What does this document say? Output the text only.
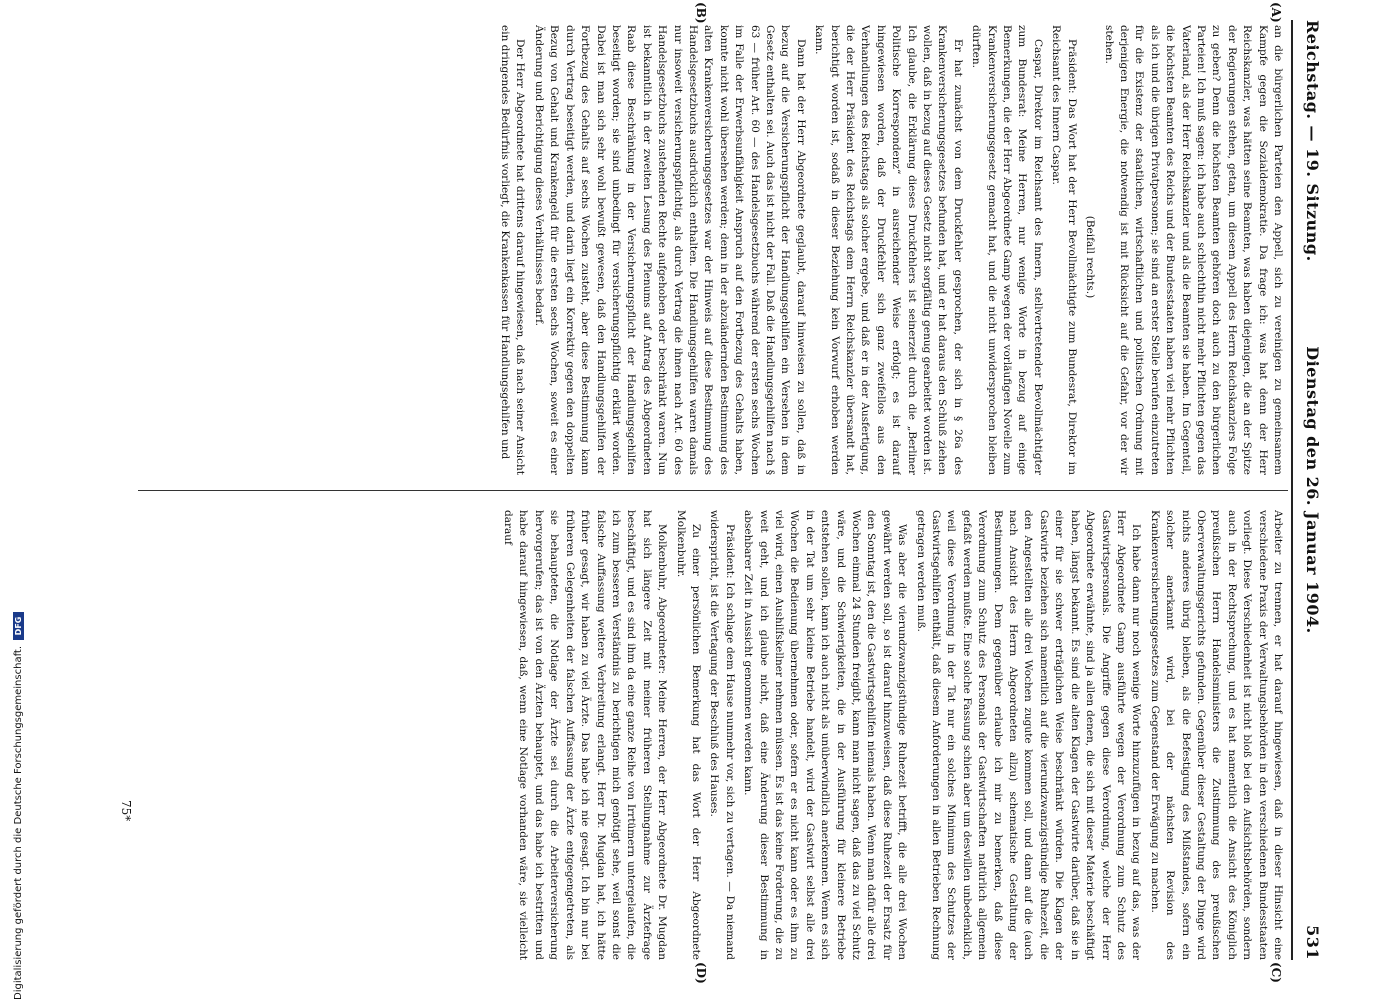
Reichstag. — 19. Sitzung.
Dienstag den 26. Januar 1904.
531
(A)
(B)
(C)
(D)

an die bürgerlichen Parteien den Appell, sich zu vereinigen zu gemeinsamem Kampfe gegen die Sozialdemokratie. Da frage ich: was hat denn der Herr Reichskanzler, was hätten seine Beamten, was haben diejenigen, die an der Spitze der Regierungen stehen, getan, um diesem Appell des Herrn Reichskanzlers Folge zu geben? Denn die höchsten Beamten gehören doch auch zu den bürgerlichen Parteien! Ich muß sagen: ich habe auch schlechthin nicht mehr Pflichten gegen das Vaterland, als der Herr Reichskanzler und als die Beamten sie haben. Im Gegenteil, die höchsten Beamten des Reichs und der Bundesstaaten haben viel mehr Pflichten als ich und die übrigen Privatpersonen; sie sind an erster Stelle berufen einzutreten für die Existenz der staatlichen, wirtschaftlichen und politischen Ordnung mit derjenigen Energie, die notwendig ist mit Rücksicht auf die Gefahr, vor der wir stehen.

(Beifall rechts.)

Präsident: Das Wort hat der Herr Bevollmächtigte zum Bundesrat, Direktor im Reichsamt des Innern Caspar.

Caspar, Direktor im Reichsamt des Innern, stellvertretender Bevollmächtigter zum Bundesrat: Meine Herren, nur wenige Worte in bezug auf einige Bemerkungen, die der Herr Abgeordnete Gamp wegen der vorläufigen Novelle zum Krankenversicherungsgesetz gemacht hat, und die nicht unwidersprochen bleiben dürften.

Er hat zunächst von dem Druckfehler gesprochen, der sich in § 26a des Krankenversicherungsgesetzes befunden hat, und er hat daraus den Schluß ziehen wollen, daß in bezug auf dieses Gesetz nicht sorgfältig genug gearbeitet worden ist. Ich glaube, die Erklärung dieses Druckfehlers ist seinerzeit durch die „Berliner Politische Korrespondenz“ in ausreichender Weise erfolgt; es ist darauf hingewiesen worden, daß der Druckfehler sich ganz zweifellos aus den Verhandlungen des Reichstags als solcher ergebe, und daß er in der Ausfertigung, die der Herr Präsident des Reichstags dem Herrn Reichskanzler übersandt hat, berichtigt worden ist, sodaß in dieser Beziehung kein Vorwurf erhoben werden kann.

Dann hat der Herr Abgeordnete geglaubt, darauf hinweisen zu sollen, daß in bezug auf die Versicherungspflicht der Handlungsgehilfen ein Versehen in dem Gesetz enthalten sei. Auch das ist nicht der Fall. Daß die Handlungsgehilfen nach § 63 — früher Art. 60 — des Handelsgesetzbuchs während der ersten sechs Wochen im Falle der Erwerbsunfähigkeit Anspruch auf den Fortbezug des Gehalts haben, konnte nicht wohl übersehen werden; denn in der abzuändernden Bestimmung des alten Krankenversicherungsgesetzes war der Hinweis auf diese Bestimmung des Handelsgesetzbuchs ausdrücklich enthalten. Die Handlungsgehilfen waren damals nur insoweit versicherungspflichtig, als durch Vertrag die ihnen nach Art. 60 des Handelsgesetzbuchs zustehenden Rechte aufgehoben oder beschränkt waren. Nun ist bekanntlich in der zweiten Lesung des Plenums auf Antrag des Abgeordneten Raab diese Beschränkung in der Versicherungspflicht der Handlungsgehilfen beseitigt worden; sie sind unbedingt für versicherungspflichtig erklärt worden. Dabei ist man sich sehr wohl bewußt gewesen, daß den Handlungsgehilfen der Fortbezug des Gehalts auf sechs Wochen zusteht, aber diese Bestimmung kann durch Vertrag beseitigt werden, und darin liegt ein Korrektiv gegen den doppelten Bezug von Gehalt und Krankengeld für die ersten sechs Wochen, soweit es einer Änderung und Berichtigung dieses Verhältnisses bedarf.

Der Herr Abgeordnete hat drittens darauf hingewiesen, daß nach seiner Ansicht ein dringendes Bedürfnis vorliegt, die Krankenkassen für Handlungsgehilfen und

Arbeiter zu trennen, er hat darauf hingewiesen, daß in dieser Hinsicht eine verschiedene Praxis der Verwaltungsbehörden in den verschiedenen Bundesstaaten vorliegt. Diese Verschiedenheit ist nicht bloß bei den Aufsichtsbehörden, sondern auch in der Rechtsprechung, und es hat namentlich die Ansicht des Königlich preußischen Herrn Handelsministers die Zustimmung des preußischen Oberverwaltungsgerichts gefunden. Gegenüber dieser Gestaltung der Dinge wird nichts anderes übrig bleiben, als die Befestigung des Mißstandes, sofern ein solcher anerkannt wird, bei der nächsten Revision des Krankenversicherungsgesetzes zum Gegenstand der Erwägung zu machen.

Ich habe dann nur noch wenige Worte hinzuzufügen in bezug auf das, was der Herr Abgeordnete Gamp ausführte wegen der Verordnung zum Schutz des Gastwirtspersonals. Die Angriffe gegen diese Verordnung, welche der Herr Abgeordnete erwähnte, sind ja allen denen, die sich mit dieser Materie beschäftigt haben, längst bekannt. Es sind die alten Klagen der Gastwirte darüber, daß sie in einer für sie schwer erträglichen Weise beschränkt würden. Die Klagen der Gastwirte beziehen sich namentlich auf die vierundzwanzigstündige Ruhezeit, die den Angestellten alle drei Wochen zugute kommen soll, und dann auf die (auch nach Ansicht des Herrn Abgeordneten allzu) schematische Gestaltung der Bestimmungen. Dem gegenüber erlaube ich mir zu bemerken, daß diese Verordnung zum Schutz des Personals der Gastwirtschaften natürlich allgemein gefaßt werden mußte. Eine solche Fassung schien aber um deswillen unbedenklich, weil diese Verordnung in der Tat nur ein solches Minimum des Schutzes der Gastwirtsgehilfen enthält, daß diesem Anforderungen in allen Betrieben Rechnung getragen werden muß.

Was aber die vierundzwanzigstündige Ruhezeit betrifft, die alle drei Wochen gewährt werden soll, so ist darauf hinzuweisen, daß diese Ruhezeit der Ersatz für den Sonntag ist, den die Gastwirtsgehilfen niemals haben. Wenn man dafür alle drei Wochen einmal 24 Stunden freigibt, kann man nicht sagen, daß das zu viel Schutz wäre, und die Schwierigkeiten, die in der Ausführung für kleinere Betriebe entstehen sollen, kann ich auch nicht als unüberwindlich anerkennen. Wenn es sich in der Tat um sehr kleine Betriebe handelt, wird der Gastwirt selbst alle drei Wochen die Bedienung übernehmen oder, sofern er es nicht kann oder es ihm zu viel wird, einen Aushilfskellner nehmen müssen. Es ist das keine Forderung, die zu weit geht, und ich glaube nicht, daß eine Änderung dieser Bestimmung in absehbarer Zeit in Aussicht genommen werden kann.

Präsident: Ich schlage dem Hause nunmehr vor, sich zu vertagen. — Da niemand widerspricht, ist die Vertagung der Beschluß des Hauses.

Zu einer persönlichen Bemerkung hat das Wort der Herr Abgeordnete Molkenbuhr.

Molkenbuhr, Abgeordneter: Meine Herren, der Herr Abgeordnete Dr. Mugdan hat sich längere Zeit mit meiner früheren Stellungnahme zur Ärztefrage beschäftigt, und es sind ihm da eine ganze Reihe von Irrtümern untergelaufen, die ich zum besseren Verständnis zu berichtigen mich genötigt sehe, weil sonst die falsche Auffassung weitere Verbreitung erlangt. Herr Dr. Mugdan hat, ich hätte früher gesagt, wir haben zu viel Ärzte. Das habe ich nie gesagt. Ich bin nur bei früheren Gelegenheiten der falschen Auffassung der Ärzte entgegengetreten, als sie behaupteten, die Notlage der Ärzte sei durch die Arbeiterversicherung hervorgerufen; das ist von den Ärzten behauptet, und das habe ich bestritten und habe darauf hingewiesen, daß, wenn eine Notlage vorhanden wäre, sie vielleicht darauf

75*
Digitalisierung gefördert durch die Deutsche Forschungsgemeinschaft.
DFG
